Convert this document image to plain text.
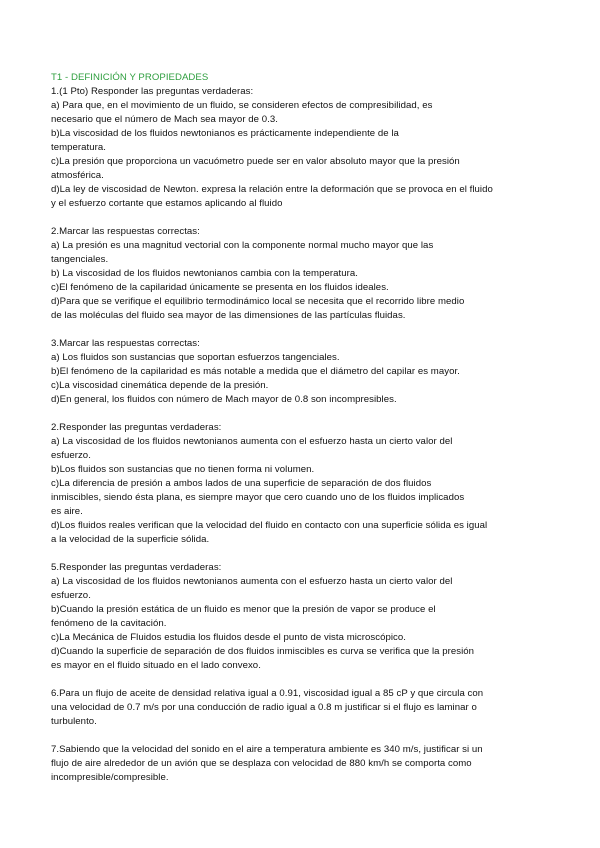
T1 - DEFINICIÓN Y PROPIEDADES

1.(1 Pto) Responder las preguntas verdaderas:

a) Para que, en el movimiento de un fluido, se consideren efectos de compresibilidad, es

necesario que el número de Mach sea mayor de 0.3.

b)La viscosidad de los fluidos newtonianos es prácticamente independiente de la

temperatura.

c)La presión que proporciona un vacuómetro puede ser en valor absoluto mayor que la presión

atmosférica.

d)La ley de viscosidad de Newton. expresa la relación entre la deformación que se provoca en el fluido

y el esfuerzo cortante que estamos aplicando al fluido

2.Marcar las respuestas correctas:

a) La presión es una magnitud vectorial con la componente normal mucho mayor que las

tangenciales.

b) La viscosidad de los fluidos newtonianos cambia con la temperatura.

c)El fenómeno de la capilaridad únicamente se presenta en los fluidos ideales.

d)Para que se verifique el equilibrio termodinámico local se necesita que el recorrido libre medio

de las moléculas del fluido sea mayor de las dimensiones de las partículas fluidas.

3.Marcar las respuestas correctas:

a) Los fluidos son sustancias que soportan esfuerzos tangenciales.

b)El fenómeno de la capilaridad es más notable a medida que el diámetro del capilar es mayor.

c)La viscosidad cinemática depende de la presión.

d)En general, los fluidos con número de Mach mayor de 0.8 son incompresibles.

2.Responder las preguntas verdaderas:

a) La viscosidad de los fluidos newtonianos aumenta con el esfuerzo hasta un cierto valor del

esfuerzo.

b)Los fluidos son sustancias que no tienen forma ni volumen.

c)La diferencia de presión a ambos lados de una superficie de separación de dos fluidos

inmiscibles, siendo ésta plana, es siempre mayor que cero cuando uno de los fluidos implicados

es aire.

d)Los fluidos reales verifican que la velocidad del fluido en contacto con una superficie sólida es igual

a la velocidad de la superficie sólida.

5.Responder las preguntas verdaderas:

a) La viscosidad de los fluidos newtonianos aumenta con el esfuerzo hasta un cierto valor del

esfuerzo.

b)Cuando la presión estática de un fluido es menor que la presión de vapor se produce el

fenómeno de la cavitación.

c)La Mecánica de Fluidos estudia los fluidos desde el punto de vista microscópico.

d)Cuando la superficie de separación de dos fluidos inmiscibles es curva se verifica que la presión

es mayor en el fluido situado en el lado convexo.

6.Para un flujo de aceite de densidad relativa igual a 0.91, viscosidad igual a 85 cP y que circula con

una velocidad de 0.7 m/s por una conducción de radio igual a 0.8 m justificar si el flujo es laminar o

turbulento.

7.Sabiendo que la velocidad del sonido en el aire a temperatura ambiente es 340 m/s, justificar si un

flujo de aire alrededor de un avión que se desplaza con velocidad de 880 km/h se comporta como

incompresible/compresible.
